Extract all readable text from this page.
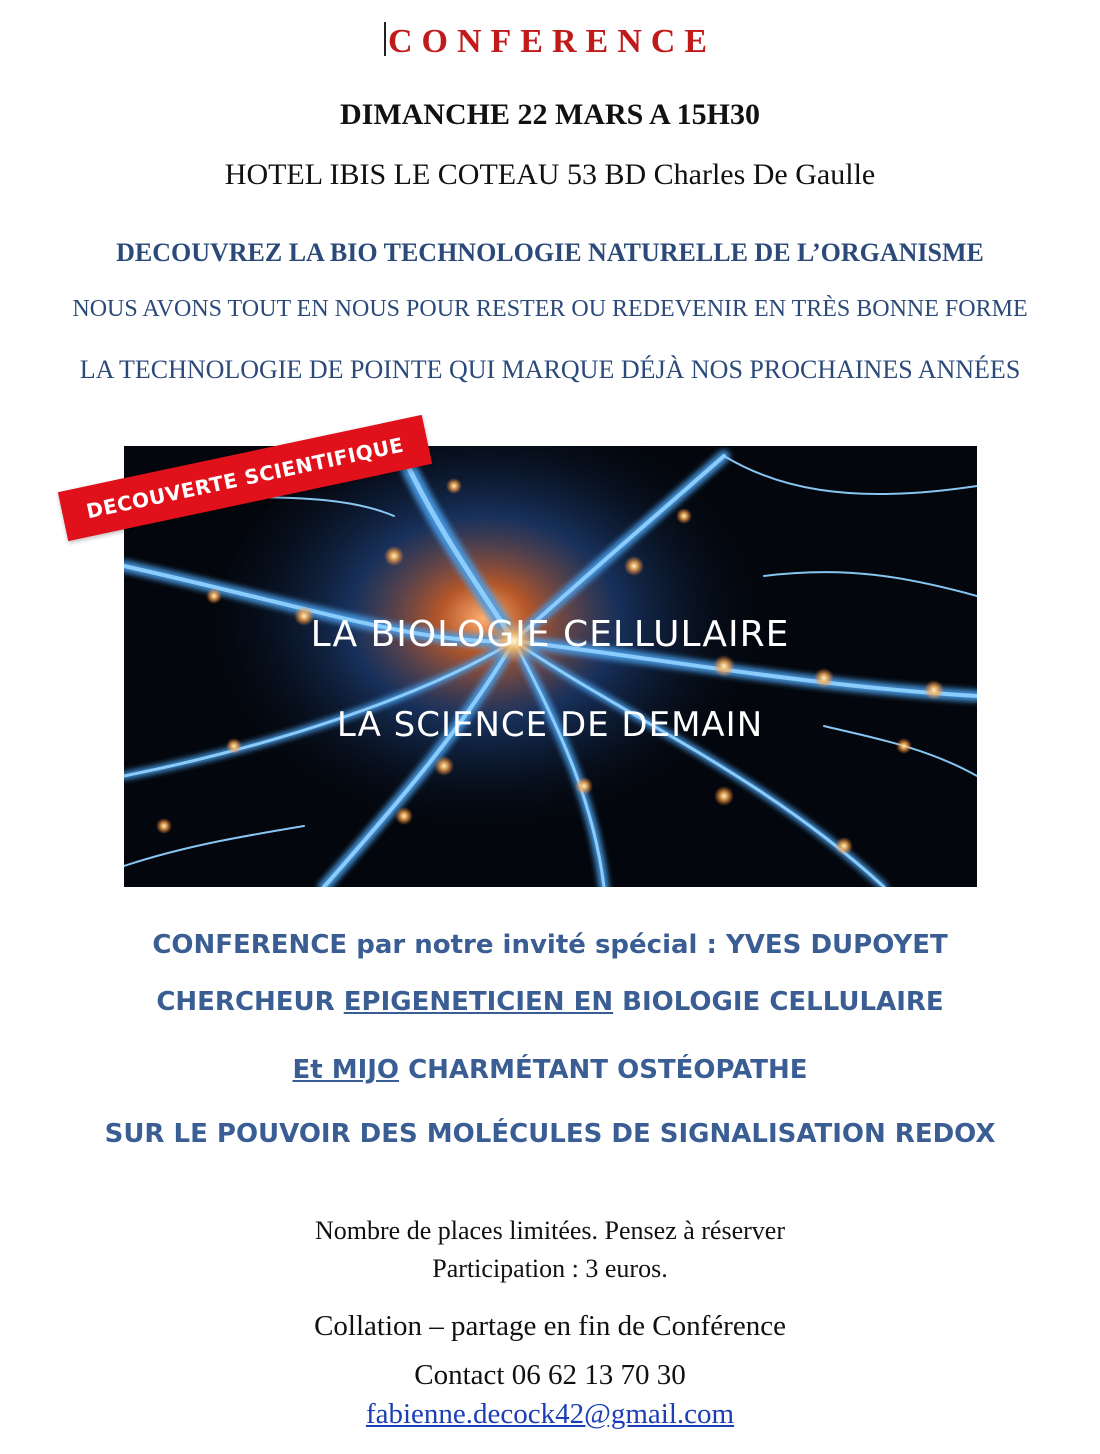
CONFERENCE
DIMANCHE 22 MARS A 15H30
HOTEL IBIS LE COTEAU 53 BD Charles De Gaulle
DECOUVREZ LA BIO TECHNOLOGIE NATURELLE DE L’ORGANISME
NOUS AVONS TOUT EN NOUS POUR RESTER OU REDEVENIR EN TRÈS BONNE FORME
LA TECHNOLOGIE DE POINTE QUI MARQUE DÉJÀ NOS PROCHAINES ANNÉES
LA BIOLOGIE CELLULAIRE
LA SCIENCE DE DEMAIN
DECOUVERTE SCIENTIFIQUE
CONFERENCE par notre invité spécial : YVES DUPOYET
CHERCHEUR EPIGENETICIEN EN BIOLOGIE CELLULAIRE
Et MIJO CHARMÉTANT OSTÉOPATHE
SUR LE POUVOIR DES MOLÉCULES DE SIGNALISATION REDOX
Nombre de places limitées. Pensez à réserver
Participation : 3 euros.
Collation – partage en fin de Conférence
Contact 06 62 13 70 30
fabienne.decock42@gmail.com
